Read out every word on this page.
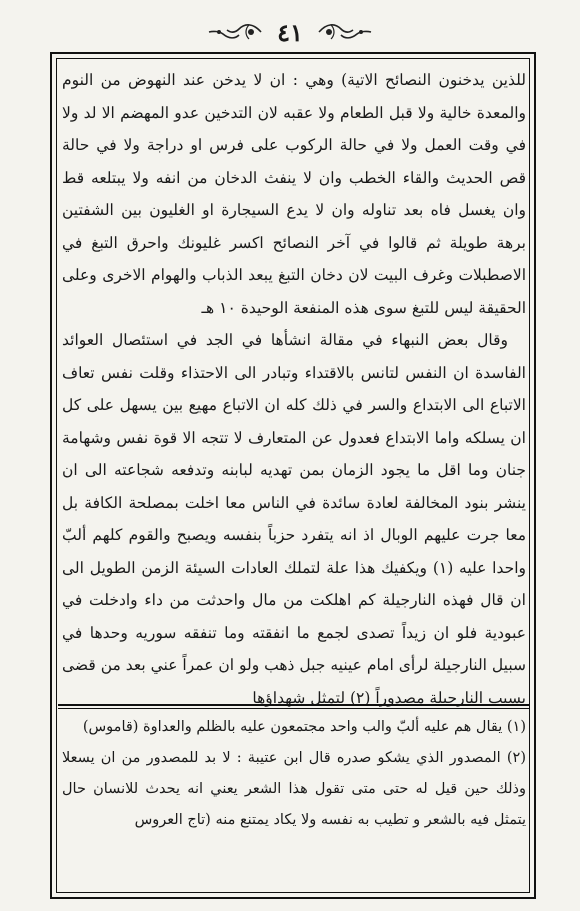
٤١

للذين يدخنون النصائح الاتية) وهي : ان لا يدخن عند النهوض من النوم والمعدة خالية ولا قبل الطعام ولا عقبه لان التدخين عدو المهضم الا لد ولا في وقت العمل ولا في حالة الركوب على فرس او دراجة ولا في حالة قص الحديث والقاء الخطب وان لا ينفث الدخان من انفه ولا يبتلعه قط وان يغسل فاه بعد تناوله وان لا يدع السيجارة او الغليون بين الشفتين برهة طويلة ثم قالوا في آخر النصائح اكسر غليونك واحرق التبغ في الاصطبلات وغرف البيت لان دخان التبغ يبعد الذباب والهوام الاخرى وعلى الحقيقة ليس للتبغ سوى هذه المنفعة الوحيدة ١٠ هـ

وقال بعض النبهاء في مقالة انشأها في الجد في استئصال العوائد الفاسدة ان النفس لتانس بالاقتداء وتبادر الى الاحتذاء وقلت نفس تعاف الاتباع الى الابتداع والسر في ذلك كله ان الاتباع مهيع بين يسهل على كل ان يسلكه واما الابتداع فعدول عن المتعارف لا تتجه الا قوة نفس وشهامة جنان وما اقل ما يجود الزمان بمن تهديه لبابنه وتدفعه شجاعته الى ان ينشر بنود المخالفة لعادة سائدة في الناس معا اخلت بمصلحة الكافة بل معا جرت عليهم الوبال اذ انه يتفرد حزباً بنفسه ويصبح والقوم كلهم ألبّ واحدا عليه (١) ويكفيك هذا علة لتملك العادات السيئة الزمن الطويل الى ان قال فهذه النارجيلة كم اهلكت من مال واحدثت من داء وادخلت في عبودية فلو ان زيداً تصدى لجمع ما انفقته وما تنفقه سوريه وحدها في سبيل النارجيلة لرأى امام عينيه جبل ذهب ولو ان عمراً عني بعد من قضى بسبب النارجيلة مصدوراً (٢) لتمثل شهداؤها

(١) يقال هم عليه ألبّ والب واحد مجتمعون عليه بالظلم والعداوة (قاموس)

(٢) المصدور الذي يشكو صدره قال ابن عتيبة : لا بد للمصدور من ان يسعلا وذلك حين قيل له حتى متى تقول هذا الشعر يعني انه يحدث للانسان حال يتمثل فيه بالشعر و تطيب به نفسه ولا يكاد يمتنع منه (تاج العروس
